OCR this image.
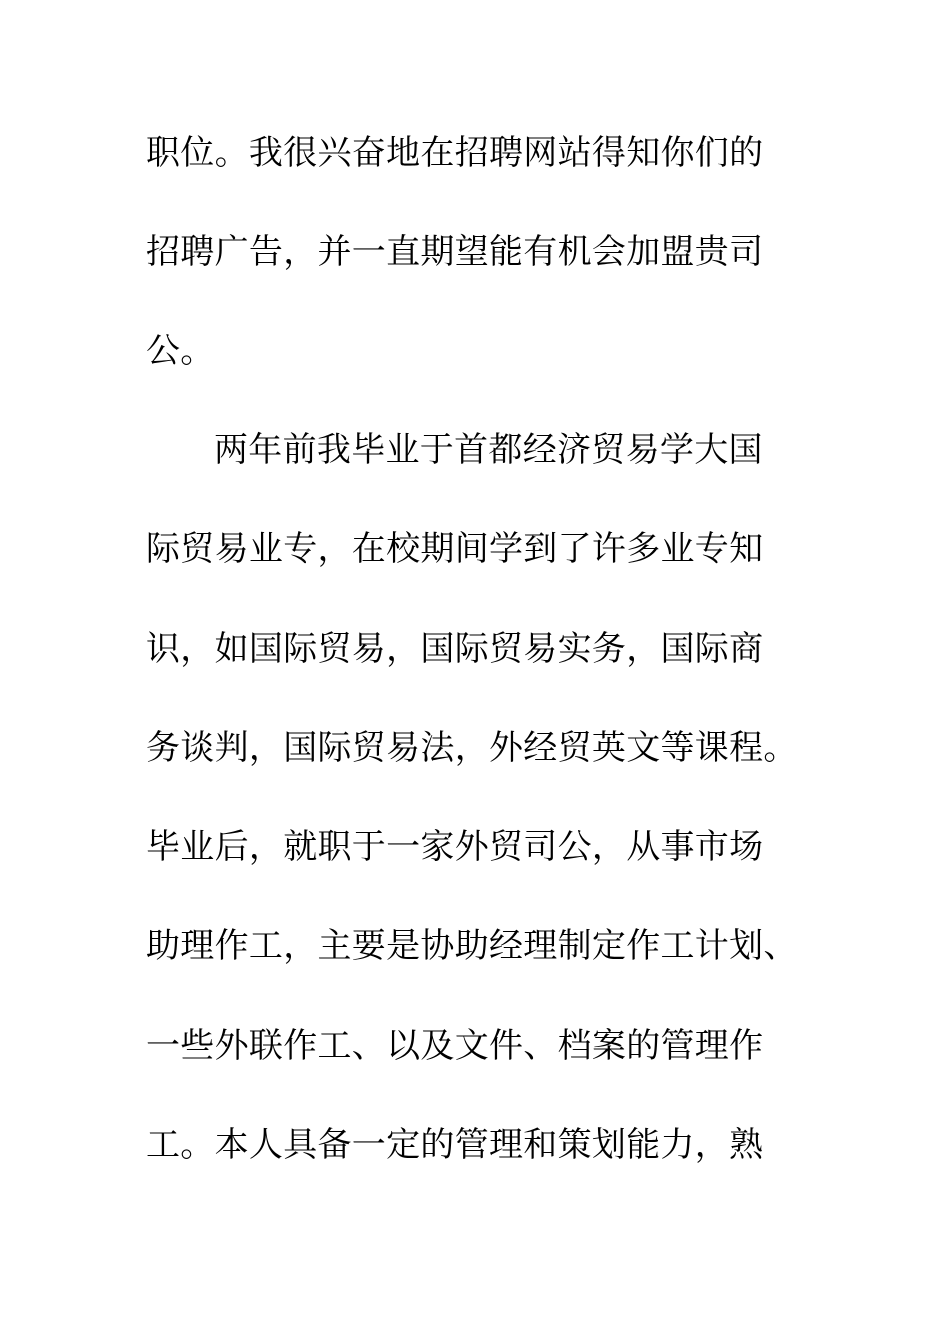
职位。我很兴奋地在招聘网站得知你们的
招聘广告，并一直期望能有机会加盟贵司
公。
两年前我毕业于首都经济贸易学大国
际贸易业专，在校期间学到了许多业专知
识，如国际贸易，国际贸易实务，国际商
务谈判，国际贸易法，外经贸英文等课程。
毕业后，就职于一家外贸司公，从事市场
助理作工，主要是协助经理制定作工计划、
一些外联作工、以及文件、档案的管理作
工。本人具备一定的管理和策划能力，熟
